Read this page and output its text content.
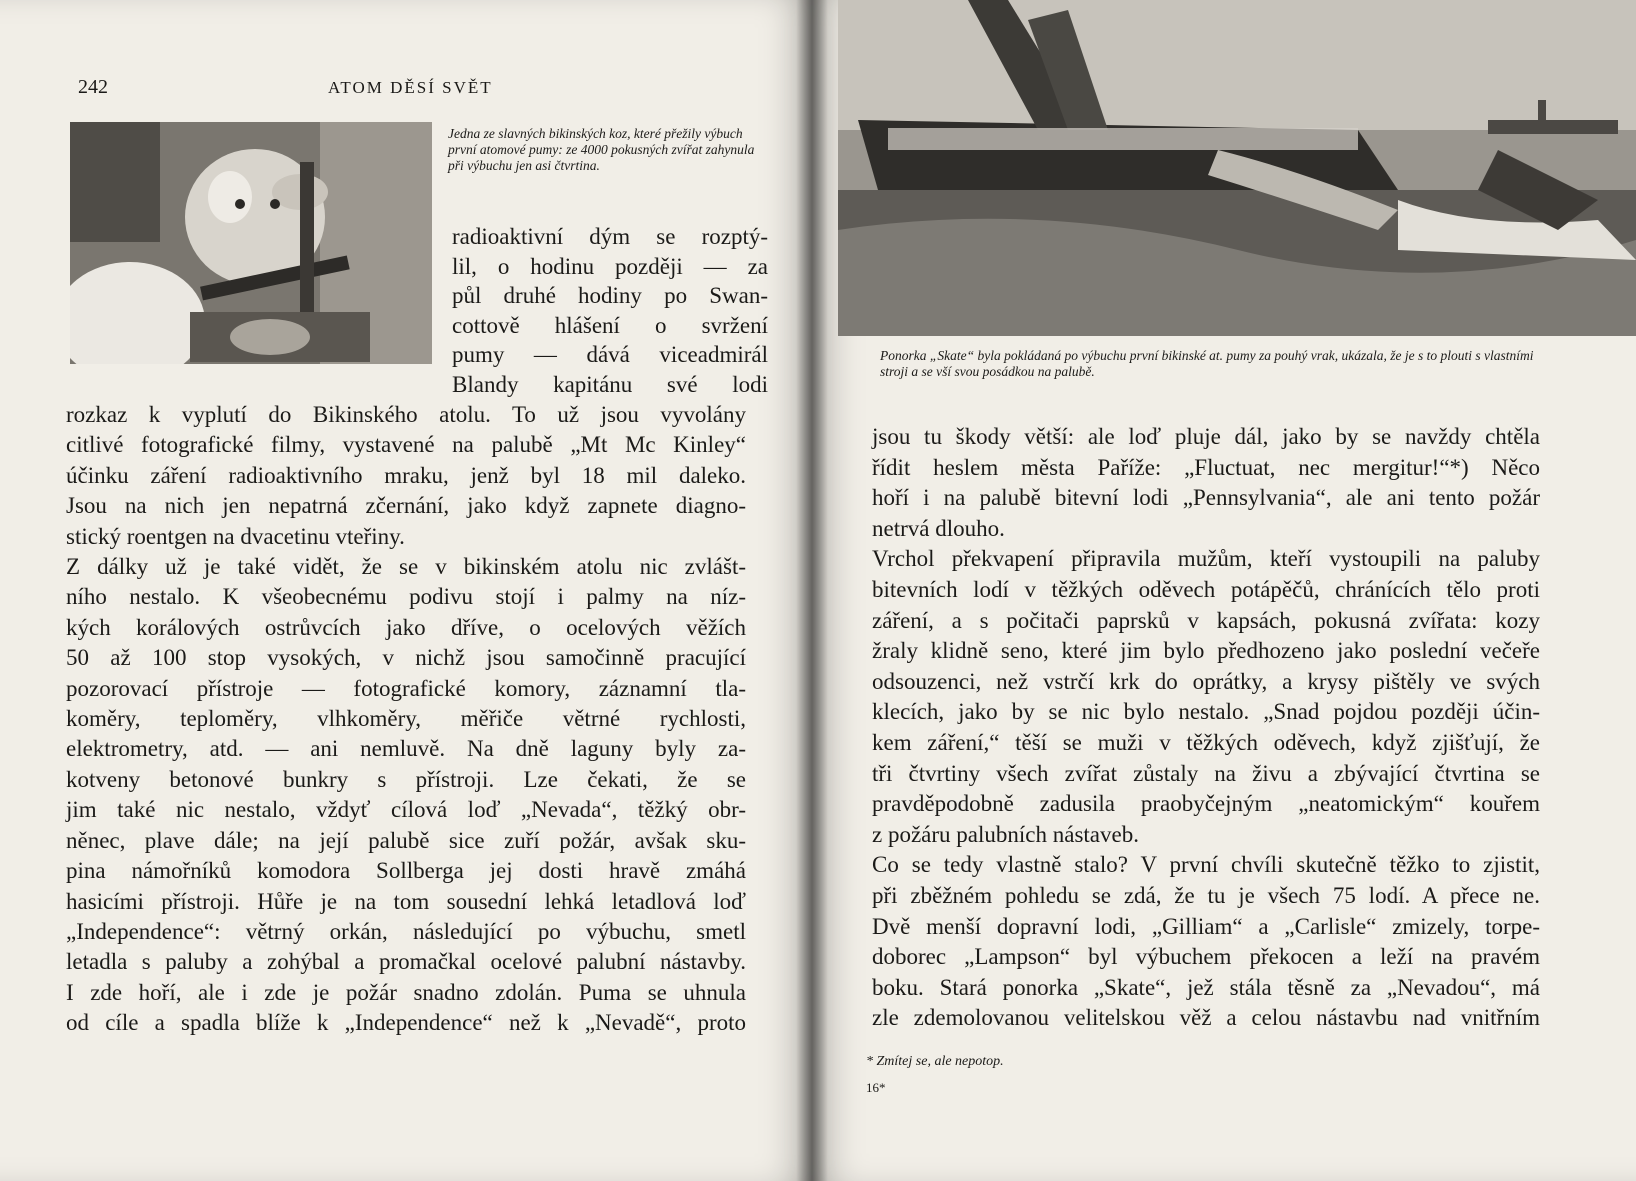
242	ATOM DĚSÍ SVĚT
Jedna ze slavných bikinských koz, které přežily výbuch první atomové pumy: ze 4000 pokusných zvířat zahynula při výbuchu jen asi čtvrtina.
radioaktivní dým se rozptý-
lil, o hodinu později — za
půl druhé hodiny po Swan-
cottově hlášení o svržení
pumy — dává viceadmirál
Blandy kapitánu své lodi
rozkaz k vyplutí do Bikinského atolu. To už jsou vyvolány
citlivé fotografické filmy, vystavené na palubě „Mt Mc Kinley“
účinku záření radioaktivního mraku, jenž byl 18 mil daleko.
Jsou na nich jen nepatrná zčernání, jako když zapnete diagno-
stický roentgen na dvacetinu vteřiny.
Z dálky už je také vidět, že se v bikinském atolu nic zvlášt-
ního nestalo. K všeobecnému podivu stojí i palmy na níz-
kých korálových ostrůvcích jako dříve, o ocelových věžích
50 až 100 stop vysokých, v nichž jsou samočinně pracující
pozorovací přístroje — fotografické komory, záznamní tla-
koměry, teploměry, vlhkoměry, měřiče větrné rychlosti,
elektrometry, atd. — ani nemluvě. Na dně laguny byly za-
kotveny betonové bunkry s přístroji. Lze čekati, že se
jim také nic nestalo, vždyť cílová loď „Nevada“, těžký obr-
něnec, plave dále; na její palubě sice zuří požár, avšak sku-
pina námořníků komodora Sollberga jej dosti hravě zmáhá
hasicími přístroji. Hůře je na tom sousední lehká letadlová loď
„Independence“: větrný orkán, následující po výbuchu, smetl
letadla s paluby a zohýbal a promačkal ocelové palubní nástavby.
I zde hoří, ale i zde je požár snadno zdolán. Puma se uhnula
od cíle a spadla blíže k „Independence“ než k „Nevadě“, proto
Ponorka „Skate“ byla pokládaná po výbuchu první bikinské at. pumy za pouhý vrak, ukázala, že je s to plouti s vlastními stroji a se vší svou posádkou na palubě.
jsou tu škody větší: ale loď pluje dál, jako by se navždy chtěla
řídit heslem města Paříže: „Fluctuat, nec mergitur!“*) Něco
hoří i na palubě bitevní lodi „Pennsylvania“, ale ani tento požár
netrvá dlouho.
Vrchol překvapení připravila mužům, kteří vystoupili na paluby
bitevních lodí v těžkých oděvech potápěčů, chránících tělo proti
záření, a s počitači paprsků v kapsách, pokusná zvířata: kozy
žraly klidně seno, které jim bylo předhozeno jako poslední večeře
odsouzenci, než vstrčí krk do oprátky, a krysy pištěly ve svých
klecích, jako by se nic bylo nestalo. „Snad pojdou později účin-
kem záření,“ těší se muži v těžkých oděvech, když zjišťují, že
tři čtvrtiny všech zvířat zůstaly na živu a zbývající čtvrtina se
pravděpodobně zadusila praobyčejným „neatomickým“ kouřem
z požáru palubních nástaveb.
Co se tedy vlastně stalo? V první chvíli skutečně těžko to zjistit,
při zběžném pohledu se zdá, že tu je všech 75 lodí. A přece ne.
Dvě menší dopravní lodi, „Gilliam“ a „Carlisle“ zmizely, torpe-
doborec „Lampson“ byl výbuchem překocen a leží na pravém
boku. Stará ponorka „Skate“, jež stála těsně za „Nevadou“, má
zle zdemolovanou velitelskou věž a celou nástavbu nad vnitřním
* Zmítej se, ale nepotop.
16*
